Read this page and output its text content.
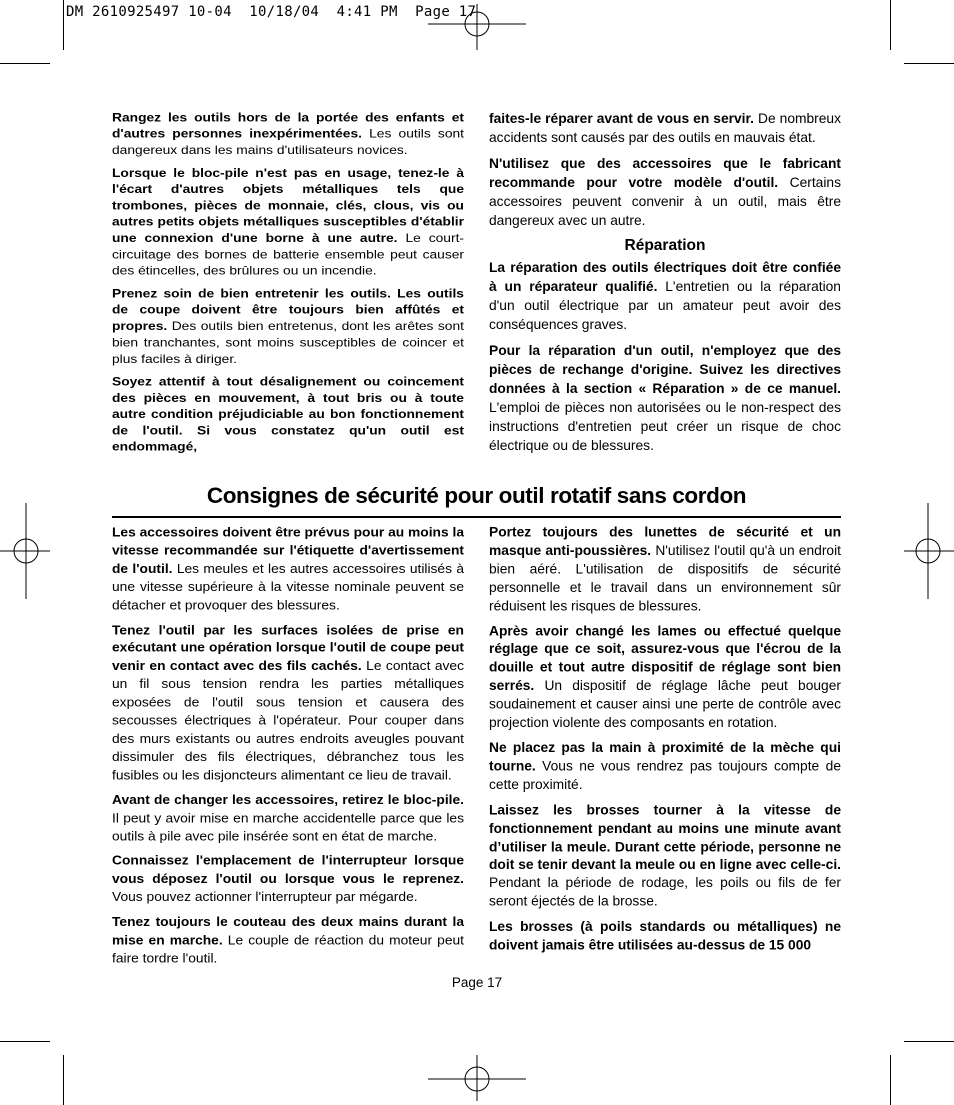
DM 2610925497 10-04  10/18/04  4:41 PM  Page 17

Rangez les outils hors de la portée des enfants et d'autres personnes inexpérimentées. Les outils sont dangereux dans les mains d'utilisateurs novices.

Lorsque le bloc-pile n'est pas en usage, tenez-le à l'écart d'autres objets métalliques tels que trombones, pièces de monnaie, clés, clous, vis ou autres petits objets métalliques susceptibles d'établir une connexion d'une borne à une autre. Le court-circuitage des bornes de batterie ensemble peut causer des étincelles, des brûlures ou un incendie.

Prenez soin de bien entretenir les outils. Les outils de coupe doivent être toujours bien affûtés et propres. Des outils bien entretenus, dont les arêtes sont bien tranchantes, sont moins susceptibles de coincer et plus faciles à diriger.

Soyez attentif à tout désalignement ou coincement des pièces en mouvement, à tout bris ou à toute autre condition préjudiciable au bon fonctionnement de l'outil. Si vous constatez qu'un outil est endommagé,

faites-le réparer avant de vous en servir. De nombreux accidents sont causés par des outils en mauvais état.

N'utilisez que des accessoires que le fabricant recommande pour votre modèle d'outil. Certains accessoires peuvent convenir à un outil, mais être dangereux avec un autre.

Réparation

La réparation des outils électriques doit être confiée à un réparateur qualifié. L'entretien ou la réparation d'un outil électrique par un amateur peut avoir des conséquences graves.

Pour la réparation d'un outil, n'employez que des pièces de rechange d'origine. Suivez les directives données à la section « Réparation » de ce manuel. L'emploi de pièces non autorisées ou le non-respect des instructions d'entretien peut créer un risque de choc électrique ou de blessures.

Consignes de sécurité pour outil rotatif sans cordon

Les accessoires doivent être prévus pour au moins la vitesse recommandée sur l'étiquette d'avertissement de l'outil. Les meules et les autres accessoires utilisés à une vitesse supérieure à la vitesse nominale peuvent se détacher et provoquer des blessures.

Tenez l'outil par les surfaces isolées de prise en exécutant une opération lorsque l'outil de coupe peut venir en contact avec des fils cachés. Le contact avec un fil sous tension rendra les parties métalliques exposées de l'outil sous tension et causera des secousses électriques à l'opérateur. Pour couper dans des murs existants ou autres endroits aveugles pouvant dissimuler des fils électriques, débranchez tous les fusibles ou les disjoncteurs alimentant ce lieu de travail.

Avant de changer les accessoires, retirez le bloc-pile. Il peut y avoir mise en marche accidentelle parce que les outils à pile avec pile insérée sont en état de marche.

Connaissez l'emplacement de l'interrupteur lorsque vous déposez l'outil ou lorsque vous le reprenez. Vous pouvez actionner l'interrupteur par mégarde.

Tenez toujours le couteau des deux mains durant la mise en marche. Le couple de réaction du moteur peut faire tordre l'outil.

Portez toujours des lunettes de sécurité et un masque anti-poussières. N'utilisez l'outil qu'à un endroit bien aéré. L'utilisation de dispositifs de sécurité personnelle et le travail dans un environnement sûr réduisent les risques de blessures.

Après avoir changé les lames ou effectué quelque réglage que ce soit, assurez-vous que l'écrou de la douille et tout autre dispositif de réglage sont bien serrés. Un dispositif de réglage lâche peut bouger soudainement et causer ainsi une perte de contrôle avec projection violente des composants en rotation.

Ne placez pas la main à proximité de la mèche qui tourne. Vous ne vous rendrez pas toujours compte de cette proximité.

Laissez les brosses tourner à la vitesse de fonctionnement pendant au moins une minute avant d’utiliser la meule. Durant cette période, personne ne doit se tenir devant la meule ou en ligne avec celle-ci. Pendant la période de rodage, les poils ou fils de fer seront éjectés de la brosse.

Les brosses (à poils standards ou métalliques) ne doivent jamais être utilisées au-dessus de 15 000

Page 17
